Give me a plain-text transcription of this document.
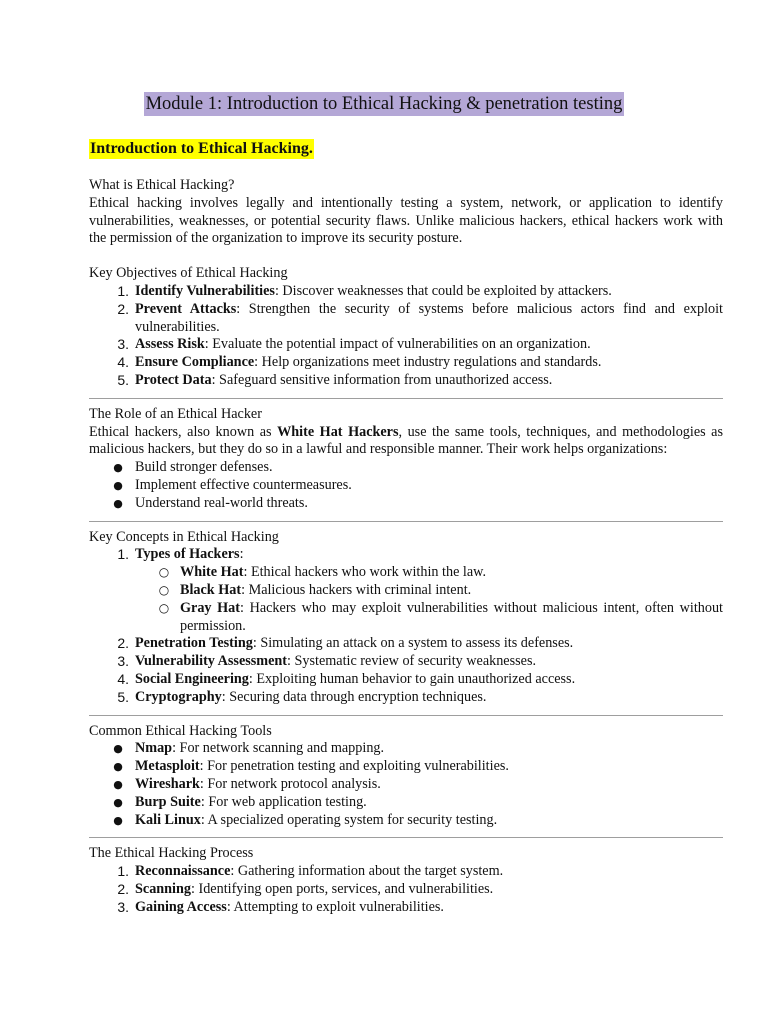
Module 1: Introduction to Ethical Hacking & penetration testing
Introduction to Ethical Hacking.

What is Ethical Hacking?

Ethical hacking involves legally and intentionally testing a system, network, or application to identify vulnerabilities, weaknesses, or potential security flaws. Unlike malicious hackers, ethical hackers work with the permission of the organization to improve its security posture.

Key Objectives of Ethical Hacking

1. Identify Vulnerabilities: Discover weaknesses that could be exploited by attackers.
2. Prevent Attacks: Strengthen the security of systems before malicious actors find and exploit vulnerabilities.
3. Assess Risk: Evaluate the potential impact of vulnerabilities on an organization.
4. Ensure Compliance: Help organizations meet industry regulations and standards.
5. Protect Data: Safeguard sensitive information from unauthorized access.

The Role of an Ethical Hacker

Ethical hackers, also known as White Hat Hackers, use the same tools, techniques, and methodologies as malicious hackers, but they do so in a lawful and responsible manner. Their work helps organizations:

● Build stronger defenses.
● Implement effective countermeasures.
● Understand real-world threats.

Key Concepts in Ethical Hacking

1. Types of Hackers:
○ White Hat: Ethical hackers who work within the law.
○ Black Hat: Malicious hackers with criminal intent.
○ Gray Hat: Hackers who may exploit vulnerabilities without malicious intent, often without permission.
2. Penetration Testing: Simulating an attack on a system to assess its defenses.
3. Vulnerability Assessment: Systematic review of security weaknesses.
4. Social Engineering: Exploiting human behavior to gain unauthorized access.
5. Cryptography: Securing data through encryption techniques.

Common Ethical Hacking Tools

● Nmap: For network scanning and mapping.
● Metasploit: For penetration testing and exploiting vulnerabilities.
● Wireshark: For network protocol analysis.
● Burp Suite: For web application testing.
● Kali Linux: A specialized operating system for security testing.

The Ethical Hacking Process

1. Reconnaissance: Gathering information about the target system.
2. Scanning: Identifying open ports, services, and vulnerabilities.
3. Gaining Access: Attempting to exploit vulnerabilities.
